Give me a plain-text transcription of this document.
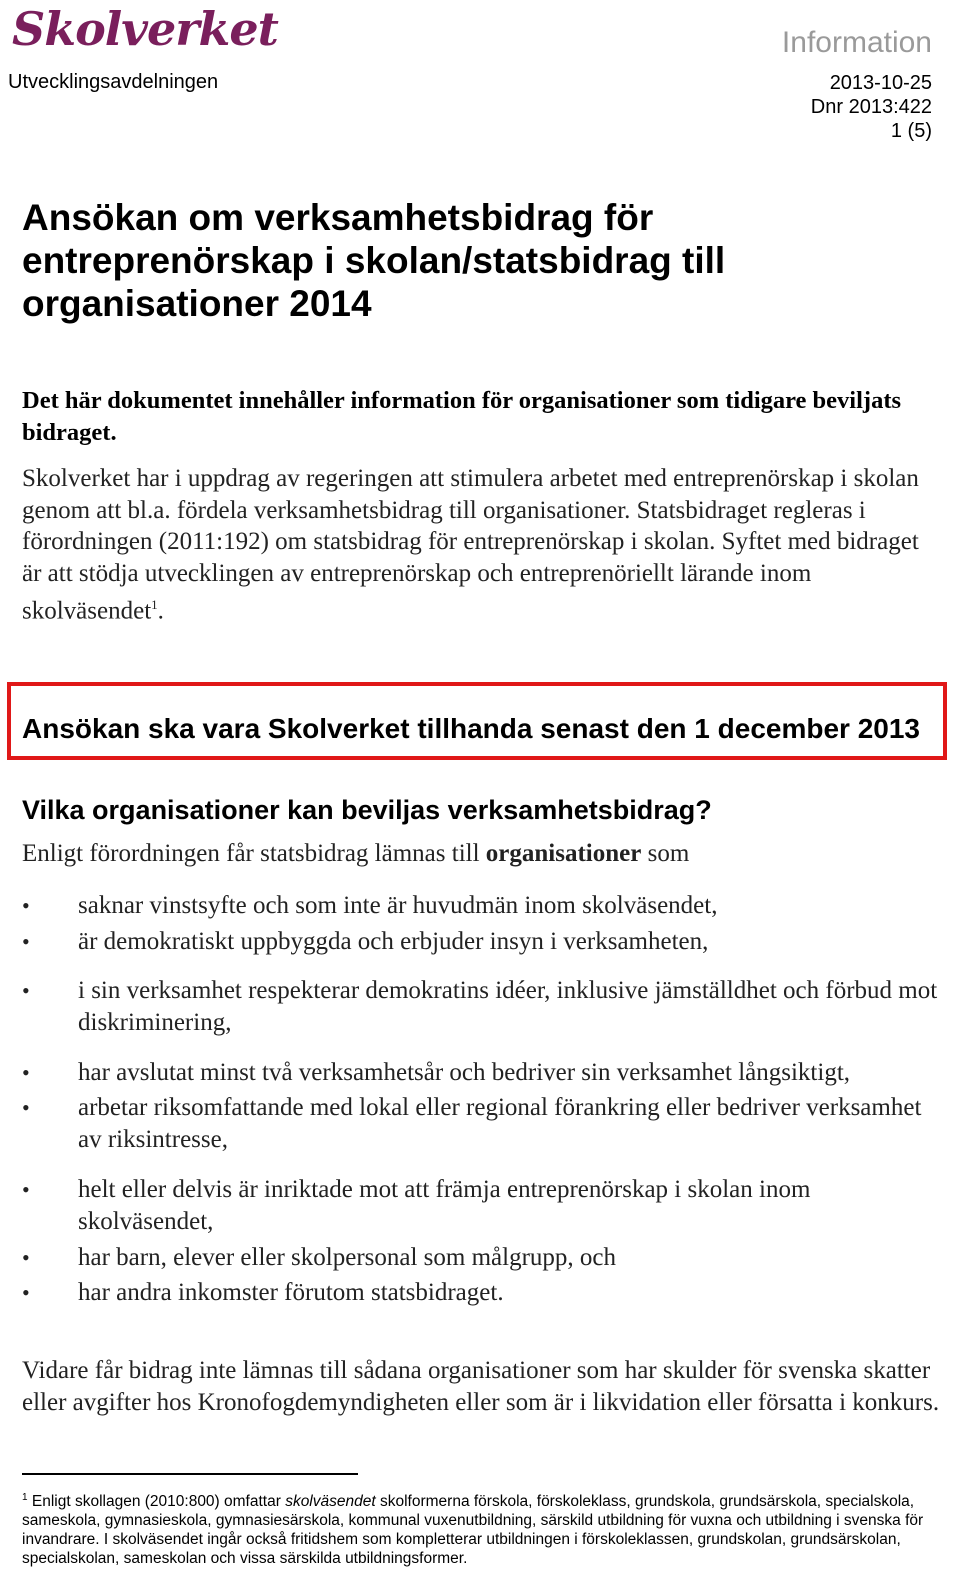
Skolverket
Utvecklingsavdelningen
Information
2013-10-25
Dnr 2013:422
1 (5)
Ansökan om verksamhetsbidrag för
entreprenörskap i skolan/statsbidrag till
organisationer 2014
Det här dokumentet innehåller information för organisationer som tidigare beviljats bidraget.
Skolverket har i uppdrag av regeringen att stimulera arbetet med entreprenörskap i skolan genom att bl.a. fördela verksamhetsbidrag till organisationer. Statsbidraget regleras i förordningen (2011:192) om statsbidrag för entreprenörskap i skolan. Syftet med bidraget är att stödja utvecklingen av entreprenörskap och entreprenöriellt lärande inom skolväsendet$^1$.
Ansökan ska vara Skolverket tillhanda senast den 1 december 2013
Vilka organisationer kan beviljas verksamhetsbidrag?
Enligt förordningen får statsbidrag lämnas till organisationer som
•	saknar vinstsyfte och som inte är huvudmän inom skolväsendet,
•	är demokratiskt uppbyggda och erbjuder insyn i verksamheten,
•	i sin verksamhet respekterar demokratins idéer, inklusive jämställdhet och förbud mot diskriminering,
•	har avslutat minst två verksamhetsår och bedriver sin verksamhet långsiktigt,
•	arbetar riksomfattande med lokal eller regional förankring eller bedriver verksamhet av riksintresse,
•	helt eller delvis är inriktade mot att främja entreprenörskap i skolan inom skolväsendet,
•	har barn, elever eller skolpersonal som målgrupp, och
•	har andra inkomster förutom statsbidraget.
Vidare får bidrag inte lämnas till sådana organisationer som har skulder för svenska skatter eller avgifter hos Kronofogdemyndigheten eller som är i likvidation eller försatta i konkurs.
$^1$ Enligt skollagen (2010:800) omfattar skolväsendet skolformerna förskola, förskoleklass, grundskola, grundsärskola, specialskola, sameskola, gymnasieskola, gymnasiesärskola, kommunal vuxenutbildning, särskild utbildning för vuxna och utbildning i svenska för invandrare. I skolväsendet ingår också fritidshem som kompletterar utbildningen i förskoleklassen, grundskolan, grundsärskolan, specialskolan, sameskolan och vissa särskilda utbildningsformer.
